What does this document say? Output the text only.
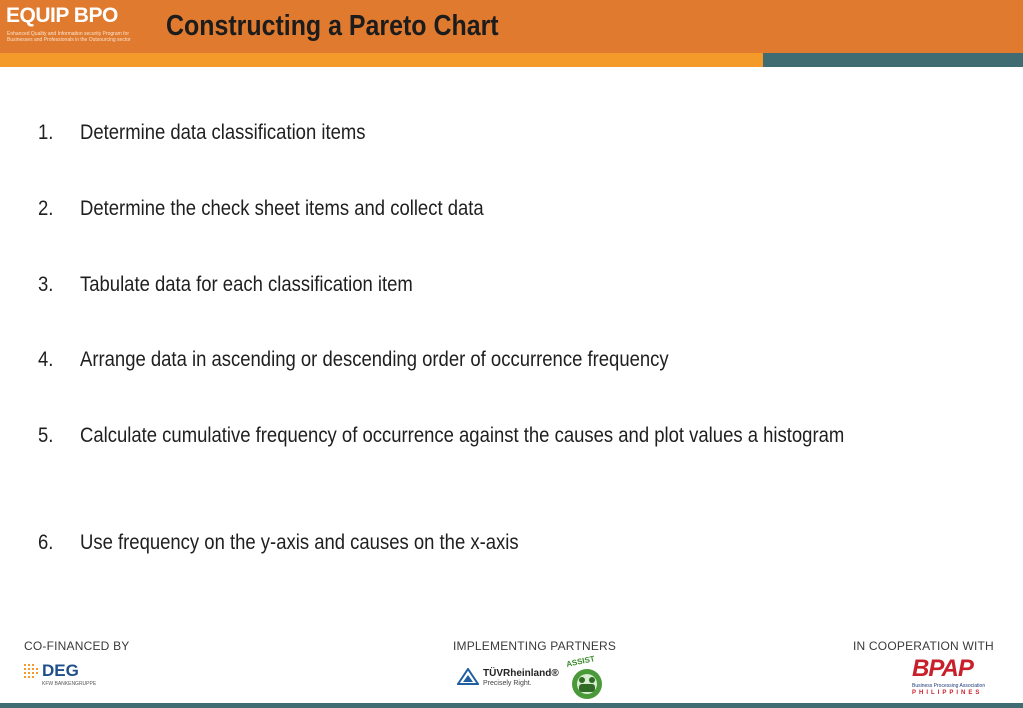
EQUIP BPO
Enhanced Quality and Information security Program for Businesses and Professionals in the Outsourcing sector	Constructing a Pareto Chart
1. Determine data classification items
2. Determine the check sheet items and collect data
3. Tabulate data for each classification item
4. Arrange data in ascending or descending order of occurrence frequency
5. Calculate cumulative frequency of occurrence against the causes and plot values a histogram
6. Use frequency on the y-axis and causes on the x-axis
CO-FINANCED BY	IMPLEMENTING PARTNERS	IN COOPERATION WITH
DEG
KFW BANKENGRUPPE
TÜVRheinland®
Precisely Right.
ASSIST	BPAP
Business Processing Association
PHILIPPINES
